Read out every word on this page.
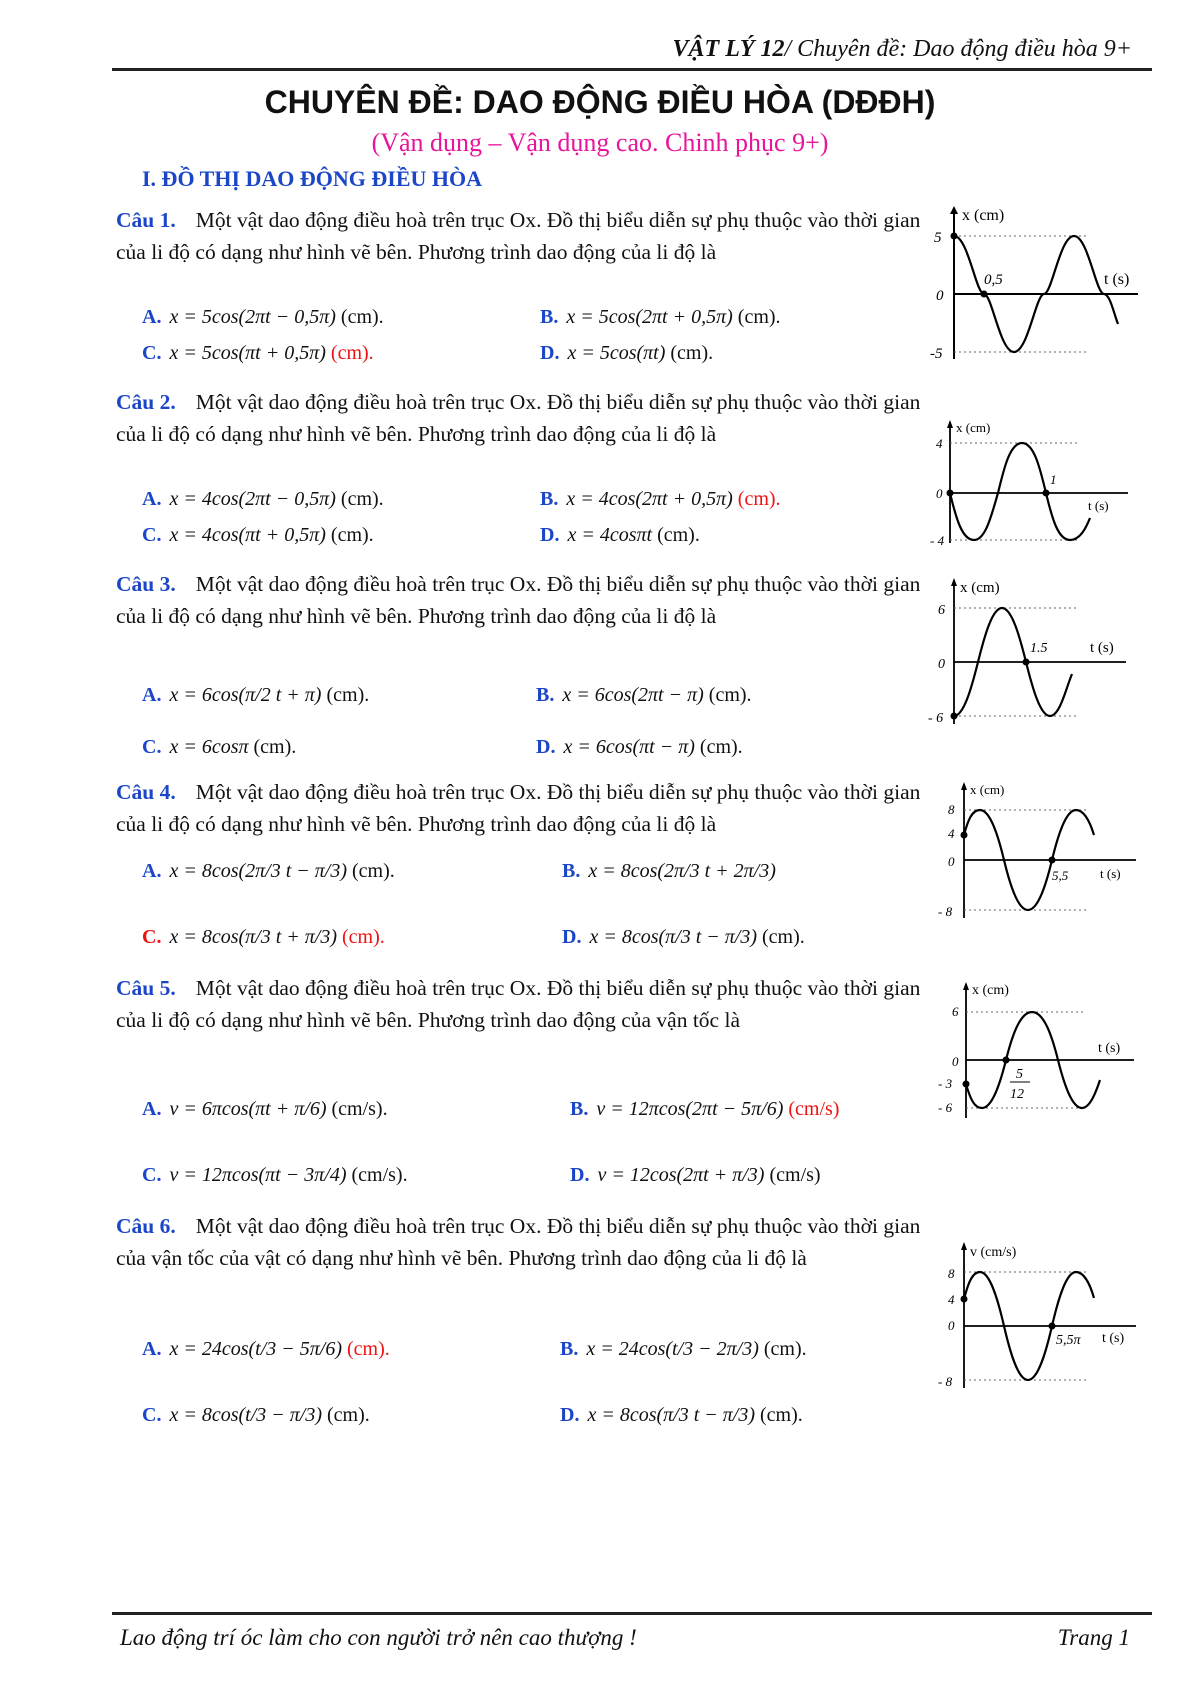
VẬT LÝ 12/ Chuyên đề: Dao động điều hòa 9+
CHUYÊN ĐỀ: DAO ĐỘNG ĐIỀU HÒA (DĐĐH)
(Vận dụng – Vận dụng cao. Chinh phục 9+)
I. ĐỒ THỊ DAO ĐỘNG ĐIỀU HÒA
Câu 1. Một vật dao động điều hoà trên trục Ox. Đồ thị biểu diễn sự phụ thuộc vào thời gian của li độ có dạng như hình vẽ bên. Phương trình dao động của li độ là
A. x = 5cos(2πt − 0,5π) (cm).	B. x = 5cos(2πt + 0,5π) (cm).
C. x = 5cos(πt + 0,5π) (cm).	D. x = 5cos(πt) (cm).
Câu 2. Một vật dao động điều hoà trên trục Ox. Đồ thị biểu diễn sự phụ thuộc vào thời gian của li độ có dạng như hình vẽ bên. Phương trình dao động của li độ là
A. x = 4cos(2πt − 0,5π) (cm).	B. x = 4cos(2πt + 0,5π) (cm).
C. x = 4cos(πt + 0,5π) (cm).	D. x = 4cosπt (cm).
Câu 3. Một vật dao động điều hoà trên trục Ox. Đồ thị biểu diễn sự phụ thuộc vào thời gian của li độ có dạng như hình vẽ bên. Phương trình dao động của li độ là
A. x = 6cos(π/2 t + π) (cm).	B. x = 6cos(2πt − π) (cm).
C. x = 6cosπ (cm).	D. x = 6cos(πt − π) (cm).
Câu 4. Một vật dao động điều hoà trên trục Ox. Đồ thị biểu diễn sự phụ thuộc vào thời gian của li độ có dạng như hình vẽ bên. Phương trình dao động của li độ là
A. x = 8cos(2π/3 t − π/3) (cm).	B. x = 8cos(2π/3 t + 2π/3)
C. x = 8cos(π/3 t + π/3) (cm).	D. x = 8cos(π/3 t − π/3) (cm).
Câu 5. Một vật dao động điều hoà trên trục Ox. Đồ thị biểu diễn sự phụ thuộc vào thời gian của li độ có dạng như hình vẽ bên. Phương trình dao động của vận tốc là
A. v = 6πcos(πt + π/6) (cm/s).	B. v = 12πcos(2πt − 5π/6) (cm/s)
C. v = 12πcos(πt − 3π/4) (cm/s).	D. v = 12cos(2πt + π/3) (cm/s)
Câu 6. Một vật dao động điều hoà trên trục Ox. Đồ thị biểu diễn sự phụ thuộc vào thời gian của vận tốc của vật có dạng như hình vẽ bên. Phương trình dao động của li độ là
A. x = 24cos(t/3 − 5π/6) (cm).	B. x = 24cos(t/3 − 2π/3) (cm).
C. x = 8cos(t/3 − π/3) (cm).	D. x = 8cos(π/3 t − π/3) (cm).
x (cm)
t (s)
5
0
-5
0,5
x (cm)
t (s)
4
0
- 4
1
x (cm)
t (s)
6
0
- 6
1.5
x (cm)
t (s)
8
4
0
- 8
5,5
x (cm)
t (s)
6
0
- 3
- 6
5
12
v (cm/s)
t (s)
8
4
0
- 8
5,5π
Lao động trí óc làm cho con người trở nên cao thượng !	Trang 1
